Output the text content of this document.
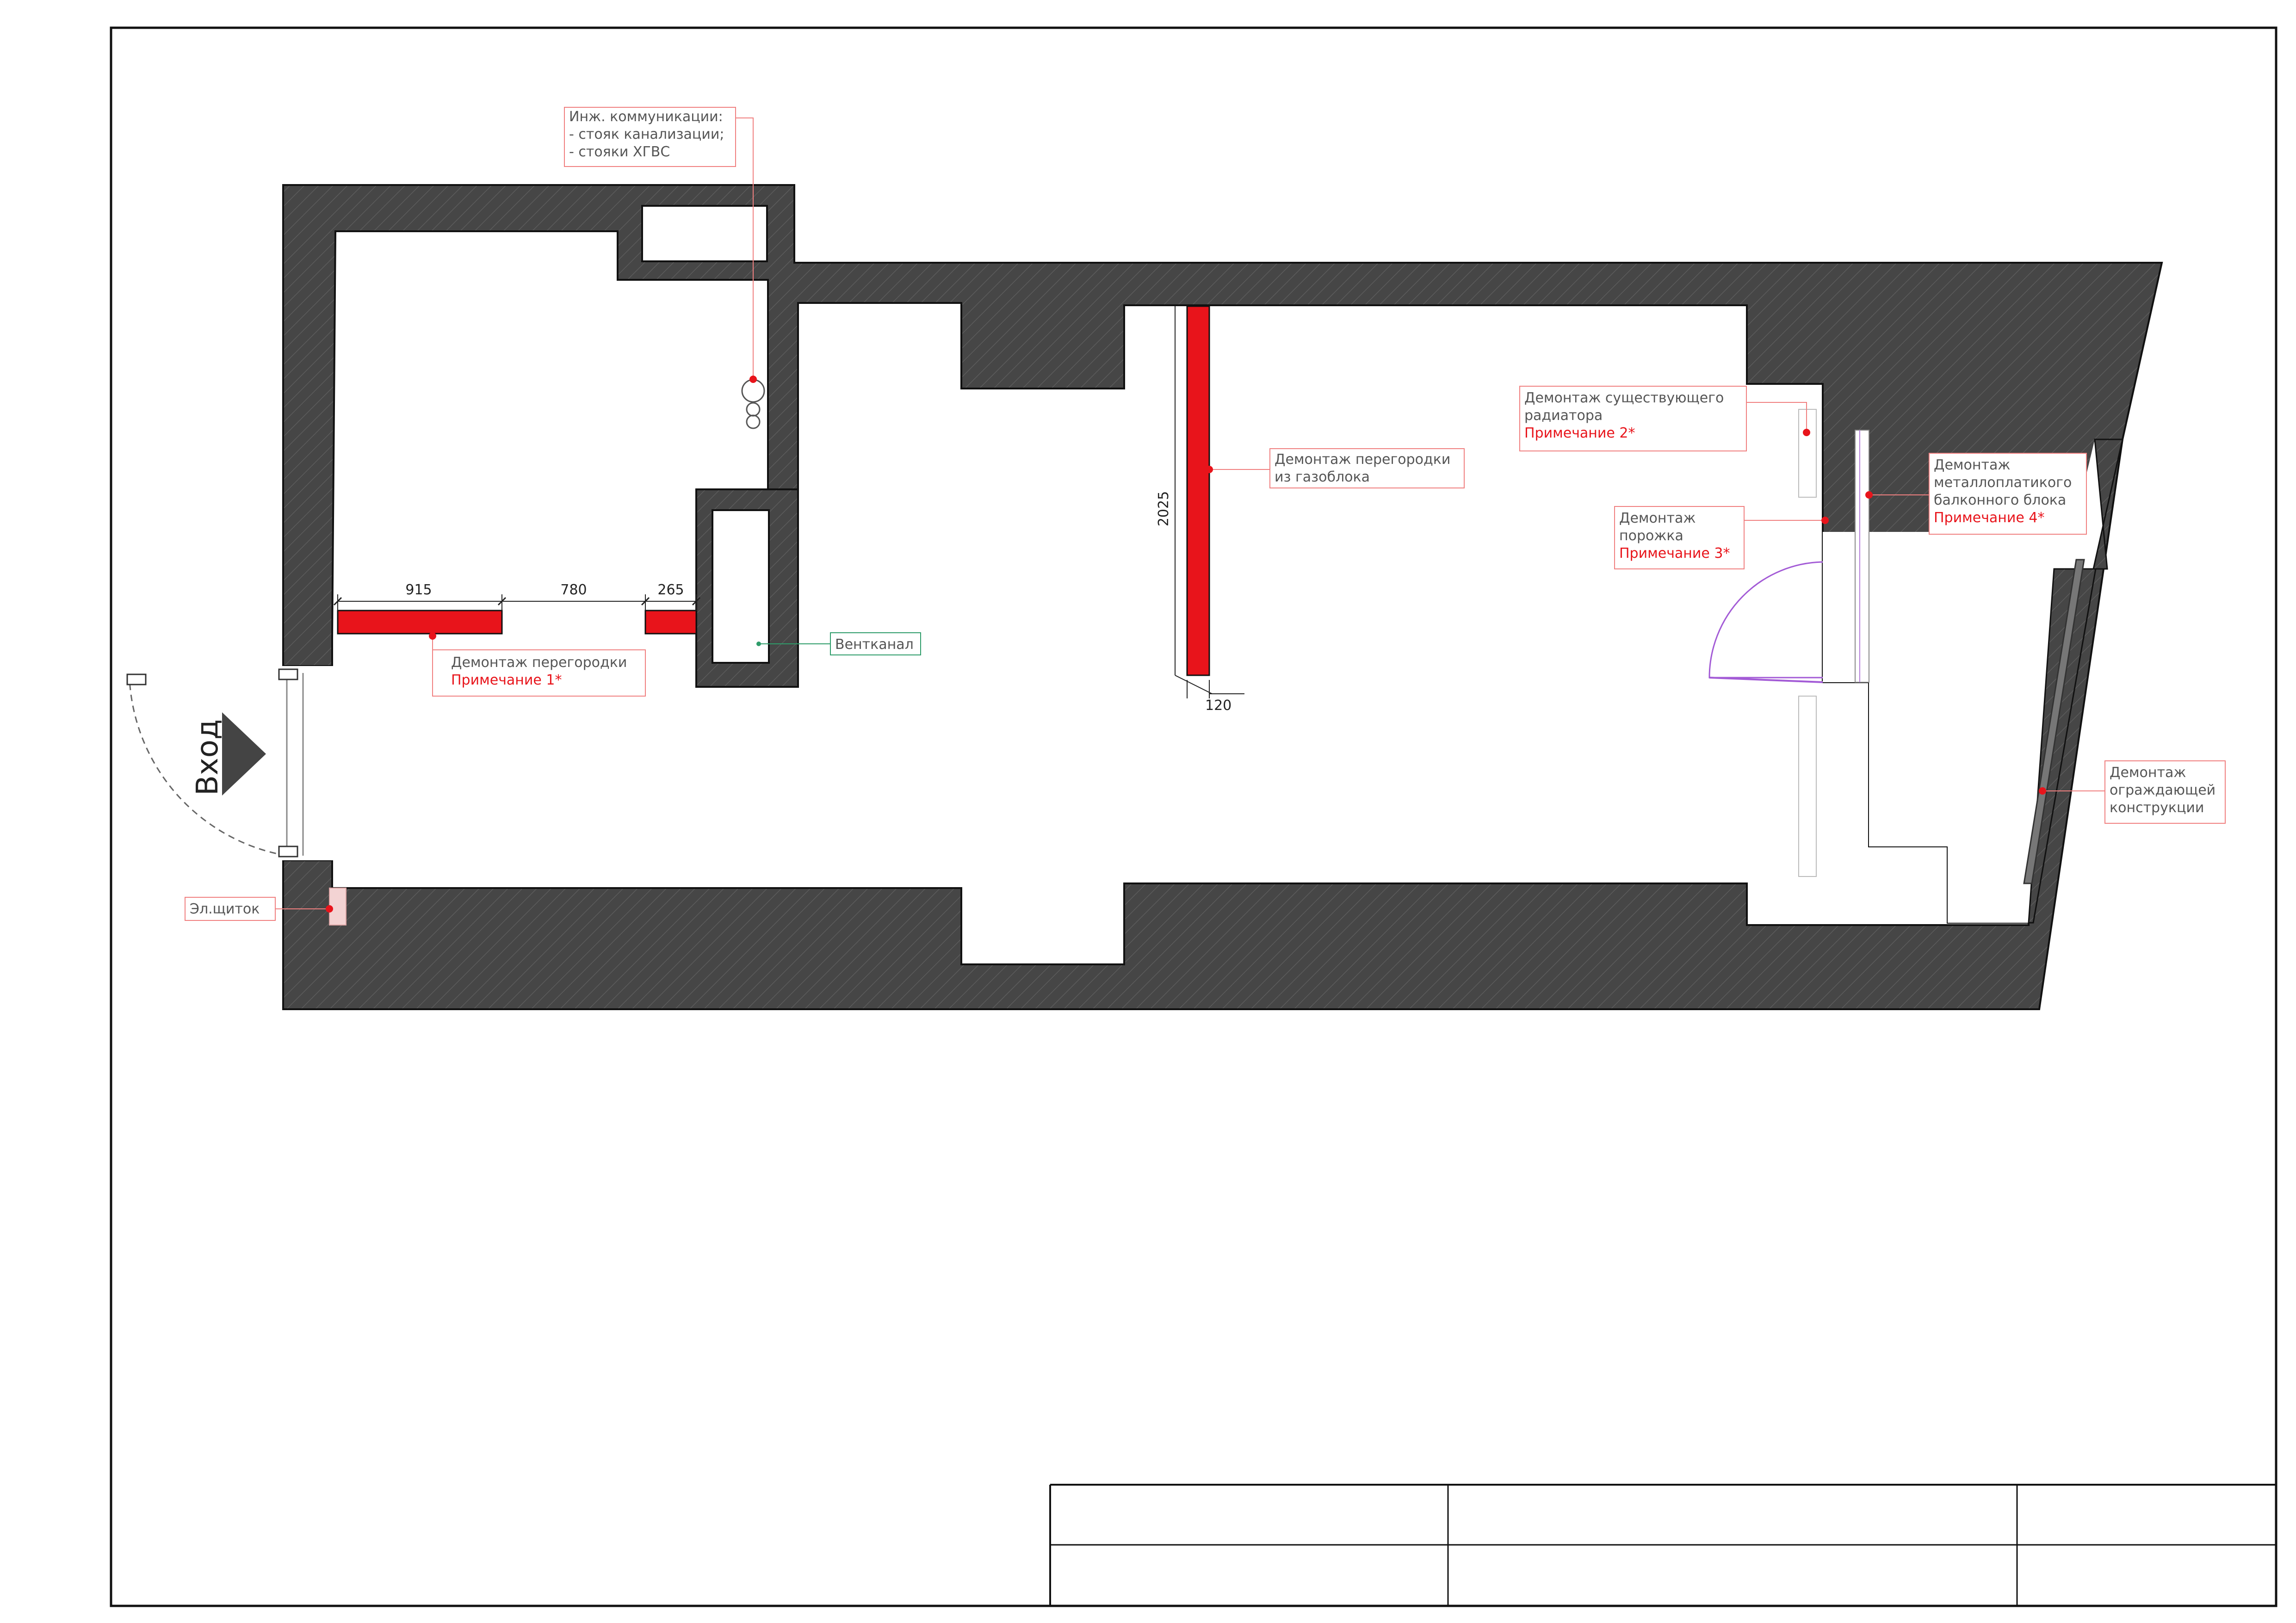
Вход
915	780	265
2025
120
Инж. коммуникации:
- стояк канализации;
- стояки ХГВС
Демонтаж перегородки
Примечание 1*
Демонтаж перегородки
из газоблока
Вентканал
Эл.щиток
Демонтаж существующего
радиатора
Примечание 2*
Демонтаж
порожка
Примечание 3*
Демонтаж
металлоплатикого
балконного блока
Примечание 4*
Демонтаж
ограждающей
конструкции
